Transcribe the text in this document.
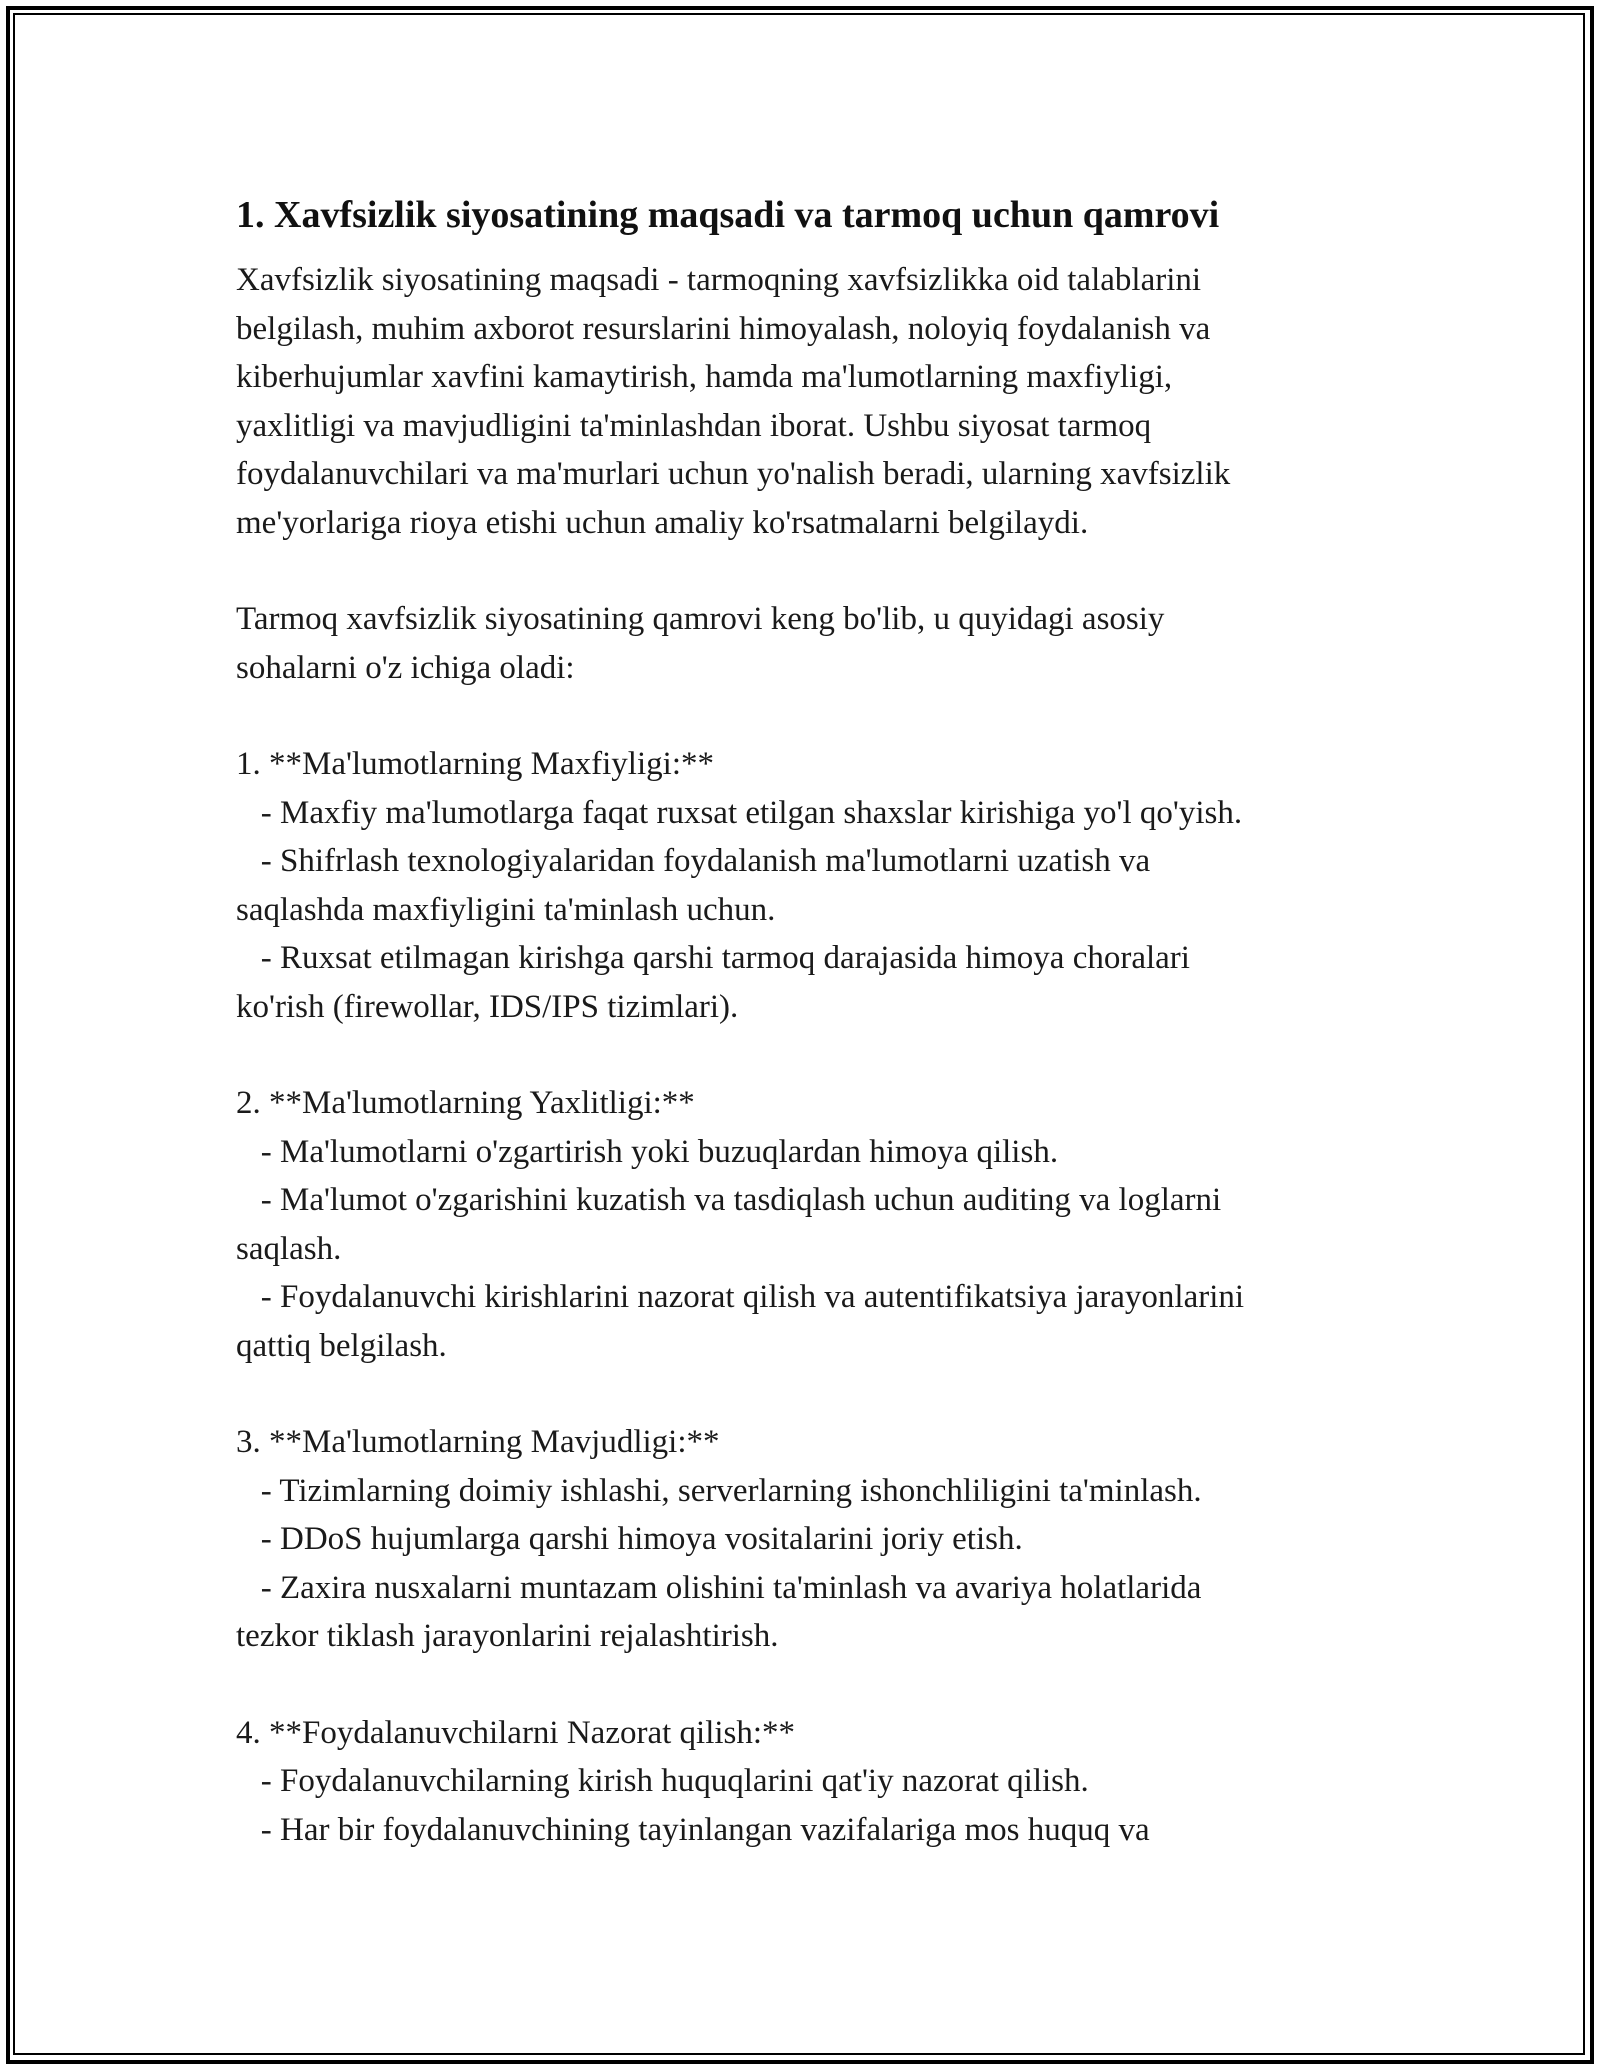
1. Xavfsizlik siyosatining maqsadi va tarmoq uchun qamrovi

Xavfsizlik siyosatining maqsadi - tarmoqning xavfsizlikka oid talablarini
belgilash, muhim axborot resurslarini himoyalash, noloyiq foydalanish va
kiberhujumlar xavfini kamaytirish, hamda ma'lumotlarning maxfiyligi,
yaxlitligi va mavjudligini ta'minlashdan iborat. Ushbu siyosat tarmoq
foydalanuvchilari va ma'murlari uchun yo'nalish beradi, ularning xavfsizlik
me'yorlariga rioya etishi uchun amaliy ko'rsatmalarni belgilaydi.

Tarmoq xavfsizlik siyosatining qamrovi keng bo'lib, u quyidagi asosiy
sohalarni o'z ichiga oladi:

1. **Ma'lumotlarning Maxfiyligi:**
- Maxfiy ma'lumotlarga faqat ruxsat etilgan shaxslar kirishiga yo'l qo'yish.
- Shifrlash texnologiyalaridan foydalanish ma'lumotlarni uzatish va
saqlashda maxfiyligini ta'minlash uchun.
- Ruxsat etilmagan kirishga qarshi tarmoq darajasida himoya choralari
ko'rish (firewollar, IDS/IPS tizimlari).

2. **Ma'lumotlarning Yaxlitligi:**
- Ma'lumotlarni o'zgartirish yoki buzuqlardan himoya qilish.
- Ma'lumot o'zgarishini kuzatish va tasdiqlash uchun auditing va loglarni
saqlash.
- Foydalanuvchi kirishlarini nazorat qilish va autentifikatsiya jarayonlarini
qattiq belgilash.

3. **Ma'lumotlarning Mavjudligi:**
- Tizimlarning doimiy ishlashi, serverlarning ishonchliligini ta'minlash.
- DDoS hujumlarga qarshi himoya vositalarini joriy etish.
- Zaxira nusxalarni muntazam olishini ta'minlash va avariya holatlarida
tezkor tiklash jarayonlarini rejalashtirish.

4. **Foydalanuvchilarni Nazorat qilish:**
- Foydalanuvchilarning kirish huquqlarini qat'iy nazorat qilish.
- Har bir foydalanuvchining tayinlangan vazifalariga mos huquq va
